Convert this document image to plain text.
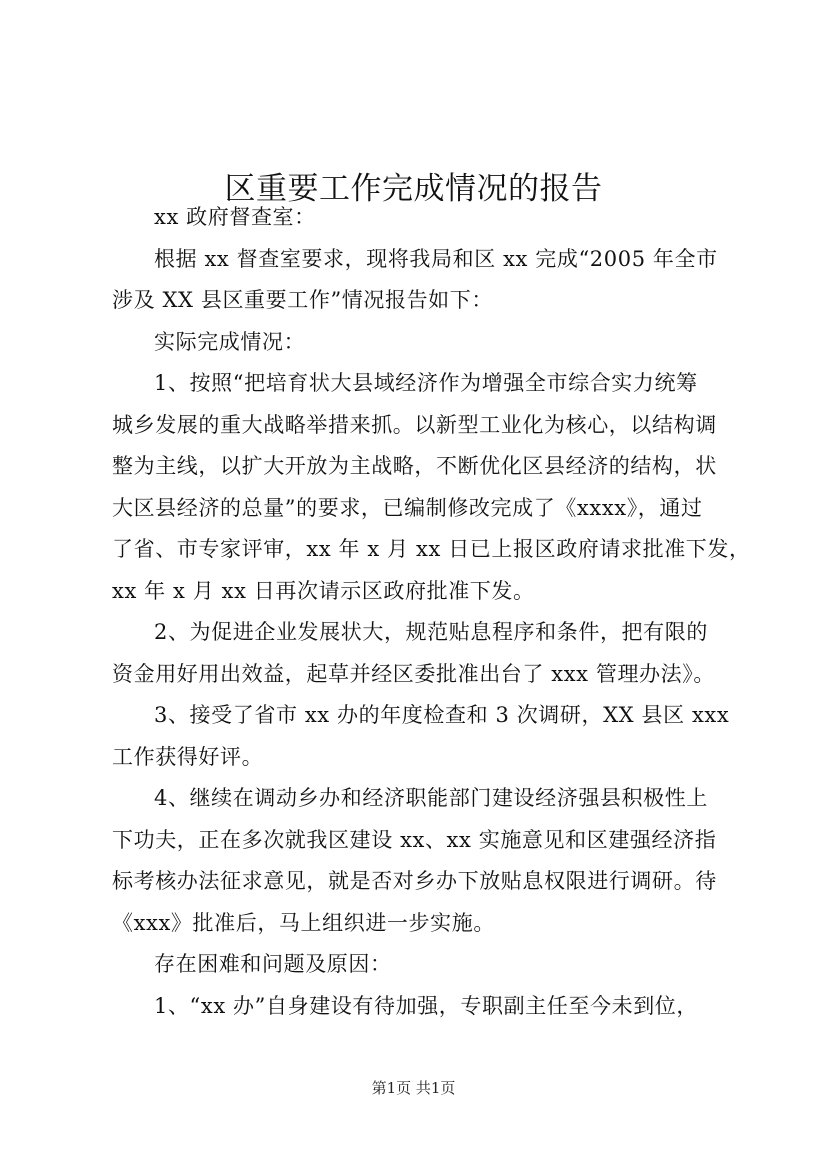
区重要工作完成情况的报告

xx 政府督查室：

根据 xx 督查室要求，现将我局和区 xx 完成“2005 年全市
涉及 XX 县区重要工作”情况报告如下：

实际完成情况：

1、按照“把培育状大县域经济作为增强全市综合实力统筹
城乡发展的重大战略举措来抓。以新型工业化为核心，以结构调
整为主线，以扩大开放为主战略，不断优化区县经济的结构，状
大区县经济的总量”的要求，已编制修改完成了《xxxx》，通过
了省、市专家评审，xx 年 x 月 xx 日已上报区政府请求批准下发，
xx 年 x 月 xx 日再次请示区政府批准下发。

2、为促进企业发展状大，规范贴息程序和条件，把有限的
资金用好用出效益，起草并经区委批准出台了 xxx 管理办法》。

3、接受了省市 xx 办的年度检查和 3 次调研，XX 县区 xxx
工作获得好评。

4、继续在调动乡办和经济职能部门建设经济强县积极性上
下功夫，正在多次就我区建设 xx、xx 实施意见和区建强经济指
标考核办法征求意见，就是否对乡办下放贴息权限进行调研。待
《xxx》批准后，马上组织进一步实施。

存在困难和问题及原因：

1、“xx 办”自身建设有待加强，专职副主任至今未到位，

第1页 共1页
